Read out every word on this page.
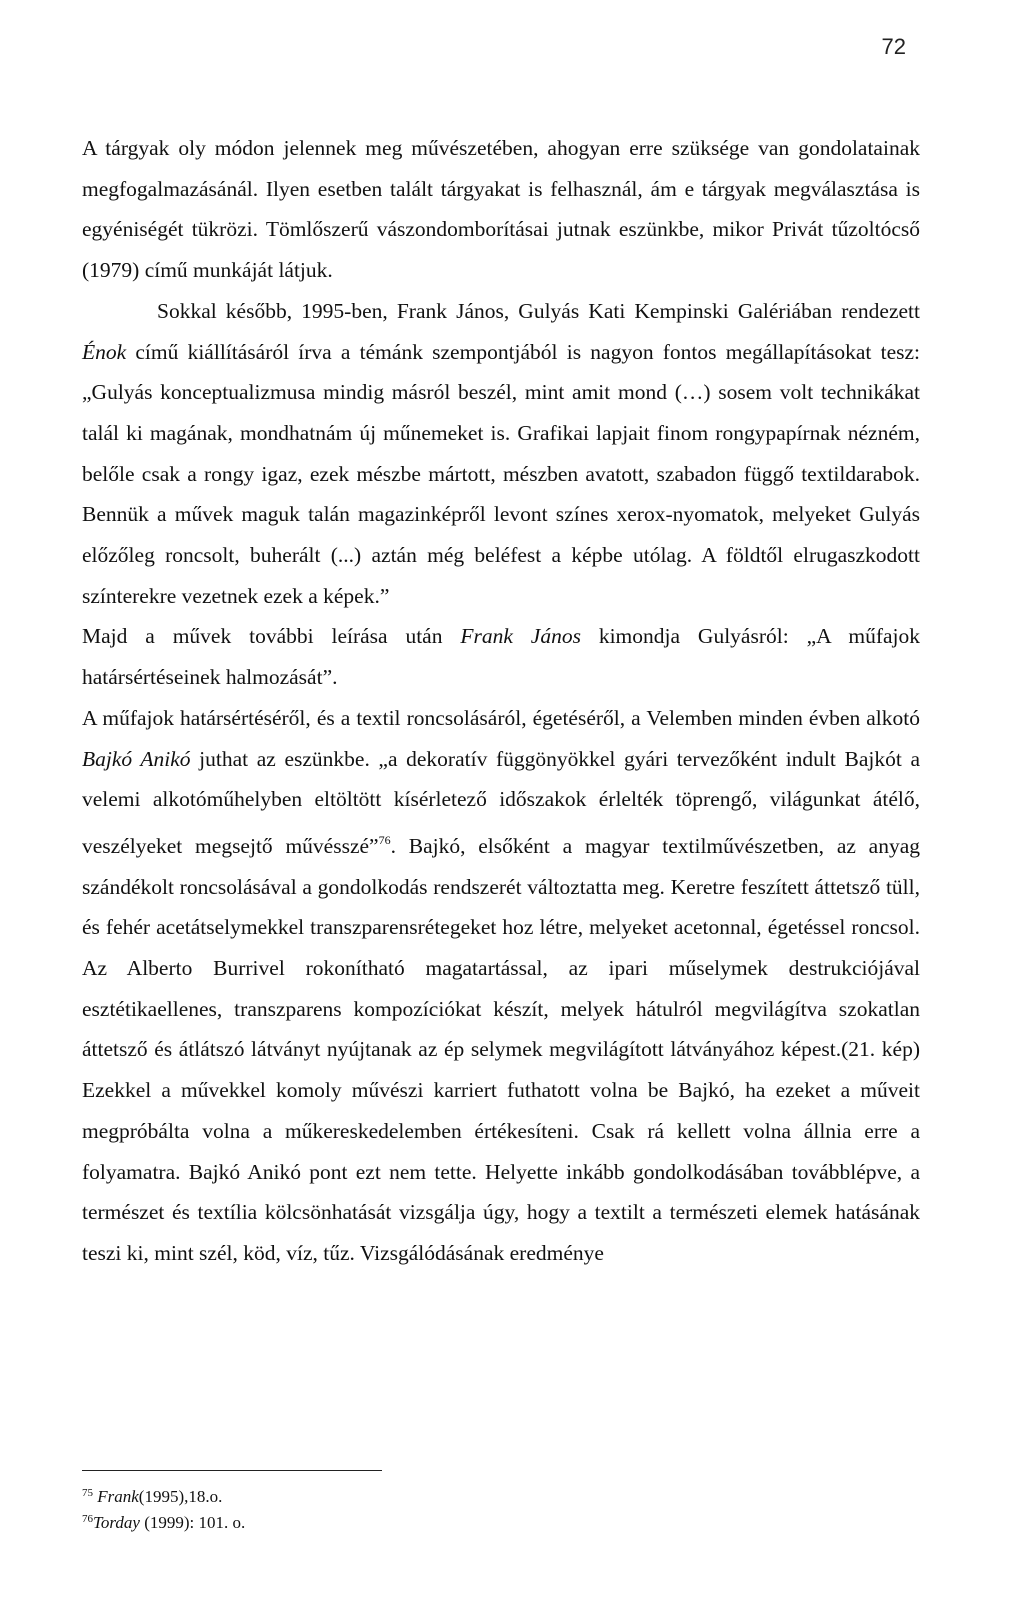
72

A tárgyak oly módon jelennek meg művészetében, ahogyan erre szüksége van gondolatainak megfogalmazásánál. Ilyen esetben talált tárgyakat is felhasznál, ám e tárgyak megválasztása is egyéniségét tükrözi. Tömlőszerű vászondomborításai jutnak eszünkbe, mikor Privát tűzoltócső (1979) című munkáját látjuk.

Sokkal később, 1995-ben, Frank János, Gulyás Kati Kempinski Galériában rendezett Énok című kiállításáról írva a témánk szempontjából is nagyon fontos megállapításokat tesz: „Gulyás konceptualizmusa mindig másról beszél, mint amit mond (…) sosem volt technikákat talál ki magának, mondhatnám új műnemeket is. Grafikai lapjait finom rongypapírnak nézném, belőle csak a rongy igaz, ezek mészbe mártott, mészben avatott, szabadon függő textildarabok. Bennük a művek maguk talán magazinképről levont színes xerox-nyomatok, melyeket Gulyás előzőleg roncsolt, buherált (...) aztán még beléfest a képbe utólag. A földtől elrugaszkodott színterekre vezetnek ezek a képek.”

Majd a művek további leírása után Frank János kimondja Gulyásról: „A műfajok határsértéseinek halmozását”.

A műfajok határsértéséről, és a textil roncsolásáról, égetéséről, a Velemben minden évben alkotó Bajkó Anikó juthat az eszünkbe. „a dekoratív függönyökkel gyári tervezőként indult Bajkót a velemi alkotóműhelyben eltöltött kísérletező időszakok érlelték töprengő, világunkat átélő, veszélyeket megsejtő művésszé”$^{76}$. Bajkó, elsőként a magyar textilművészetben, az anyag szándékolt roncsolásával a gondolkodás rendszerét változtatta meg. Keretre feszített áttetsző tüll, és fehér acetátselymekkel transzparensrétegeket hoz létre, melyeket acetonnal, égetéssel roncsol. Az Alberto Burrivel rokonítható magatartással, az ipari műselymek destrukciójával esztétikaellenes, transzparens kompozíciókat készít, melyek hátulról megvilágítva szokatlan áttetsző és átlátszó látványt nyújtanak az ép selymek megvilágított látványához képest.(21. kép) Ezekkel a művekkel komoly művészi karriert futhatott volna be Bajkó, ha ezeket a műveit megpróbálta volna a műkereskedelemben értékesíteni. Csak rá kellett volna állnia erre a folyamatra. Bajkó Anikó pont ezt nem tette. Helyette inkább gondolkodásában továbblépve, a természet és textília kölcsönhatását vizsgálja úgy, hogy a textilt a természeti elemek hatásának teszi ki, mint szél, köd, víz, tűz. Vizsgálódásának eredménye

$^{75}$ Frank(1995),18.o.
$^{76}$Torday (1999): 101. o.
